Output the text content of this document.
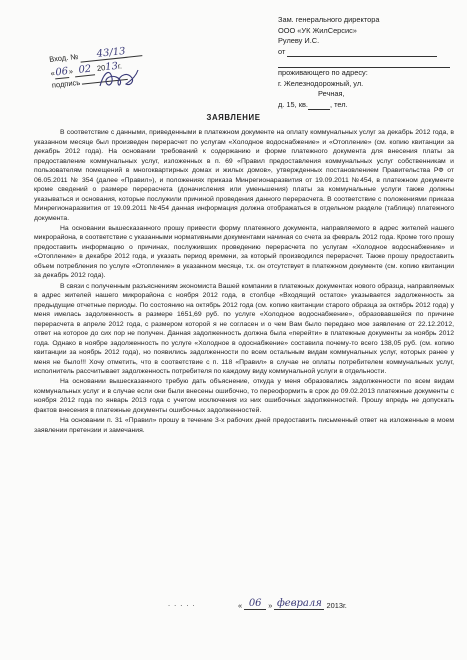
Вход. № 43/13
«06» 02 2013г.
подпись
Зам. генерального директора
ООО «УК ЖилСерсис»
Рулеву И.С.
от
проживающего по адресу:
г. Железнодорожный, ул.
Речная,
д. 15, кв.	, тел.
ЗАЯВЛЕНИЕ

В соответствие с данными, приведенными в платежном документе на оплату коммунальных услуг за декабрь 2012 года, в указанном месяце был произведен перерасчет по услугам «Холодное водоснабжение» и «Отопление» (см. копию квитанции за декабрь 2012 года). На основании требований к содержанию и форме платежного документа для внесения платы за предоставление коммунальных услуг, изложенных в п. 69 «Правил предоставления коммунальных услуг собственникам и пользователям помещений в многоквартирных домах и жилых домов», утвержденных постановлением Правительства РФ от 06.05.2011 № 354 (далее «Правил»), и положениях приказа Минрегионаразвития от 19.09.2011 №454, в платежном документе кроме сведений о размере перерасчета (доначисления или уменьшения) платы за коммунальные услуги также должны указываться и основания, которые послужили причиной проведения данного перерасчета. В соответствие с положениями приказа Минрегионаразвития от 19.09.2011 №454 данная информация должна отображаться в отдельном разделе (таблице) платежного документа.

На основании вышесказанного прошу привести форму платежного документа, направляемого в адрес жителей нашего микрорайона, в соответствие с указанными нормативными документами начиная со счета за февраль 2012 года. Кроме того прошу предоставить информацию о причинах, послуживших проведению перерасчета по услугам «Холодное водоснабжение» и «Отопление» в декабре 2012 года, и указать период времени, за который производился перерасчет. Также прошу предоставить объем потребления по услуге «Отопление» в указанном месяце, т.к. он отсутствует в платежном документе (см. копию квитанции за декабрь 2012 года).

В связи с полученным разъяснениям экономиста Вашей компании в платежных документах нового образца, направляемых в адрес жителей нашего микрорайона с ноября 2012 года, в столбце «Входящий остаток» указывается задолженность за предыдущие отчетные периоды. По состоянию на октябрь 2012 года (см. копию квитанции старого образца за октябрь 2012 года) у меня имелась задолженность в размере 1651,69 руб. по услуге «Холодное водоснабжение», образовавшейся по причине перерасчета в апреле 2012 года, с размером которой я не согласен и о чем Вам было передано мое заявление от 22.12.2012, ответ на которое до сих пор не получен. Данная задолженность должна была «перейти» в платежные документы за ноябрь 2012 года. Однако в ноябре задолженность по услуге «Холодное в одоснабжение» составила почему-то всего 138,05 руб. (см. копию квитанции за ноябрь 2012 года), но появились задолженности по всем остальным видам коммунальных услуг, которых ранее у меня не было!!! Хочу отметить, что в соответствие с п. 118 «Правил» в случае не оплаты потребителем коммунальных услуг, исполнитель рассчитывает задолженность потребителя по каждому виду коммунальной услуги в отдельности.

На основании вышесказанного требую дать объяснение, откуда у меня образовались задолженности по всем видам коммунальных услуг и в случае если они были внесены ошибочно, то переоформить в срок до 09.02.2013 платежные документы с ноября 2012 года по январь 2013 года с учетом исключения из них ошибочных задолженностей. Прошу впредь не допускать фактов внесения в платежные документы ошибочных задолженностей.

На основании п. 31 «Правил» прошу в течение 3-х рабочих дней предоставить письменный ответ на изложенные в моем заявлении претензии и замечания.

. . . . .	« 06 » февраля 2013г.
